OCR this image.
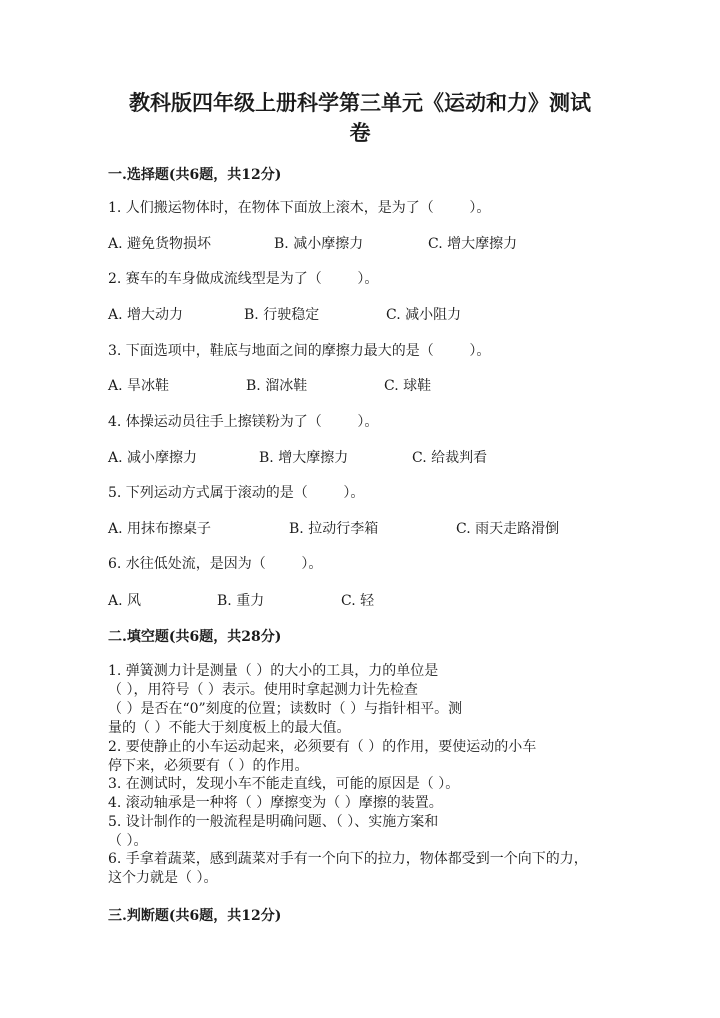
教科版四年级上册科学第三单元《运动和力》测试
卷
一.选择题(共6题，共12分)
1. 人们搬运物体时，在物体下面放上滚木，是为了（        ）。
A. 避免货物损坏	B. 减小摩擦力	C. 增大摩擦力
2. 赛车的车身做成流线型是为了（        ）。
A. 增大动力	B. 行驶稳定	C. 减小阻力
3. 下面选项中，鞋底与地面之间的摩擦力最大的是（        ）。
A. 旱冰鞋	B. 溜冰鞋	C. 球鞋
4. 体操运动员往手上擦镁粉为了（        ）。
A. 减小摩擦力	B. 增大摩擦力	C. 给裁判看
5. 下列运动方式属于滚动的是（        ）。
A. 用抹布擦桌子	B. 拉动行李箱	C. 雨天走路滑倒
6. 水往低处流，是因为（        ）。
A. 风	B. 重力	C. 轻
二.填空题(共6题，共28分)
1. 弹簧测力计是测量（ ）的大小的工具，力的单位是
（ ），用符号（ ）表示。使用时拿起测力计先检查
（ ）是否在“0”刻度的位置；读数时（ ）与指针相平。测
量的（ ）不能大于刻度板上的最大值。
2. 要使静止的小车运动起来，必须要有（ ）的作用，要使运动的小车
停下来，必须要有（ ）的作用。
3. 在测试时，发现小车不能走直线，可能的原因是（ ）。
4. 滚动轴承是一种将（ ）摩擦变为（ ）摩擦的装置。
5. 设计制作的一般流程是明确问题、（ ）、实施方案和
（ ）。
6. 手拿着蔬菜，感到蔬菜对手有一个向下的拉力，物体都受到一个向下的力，
这个力就是（ ）。
三.判断题(共6题，共12分)
